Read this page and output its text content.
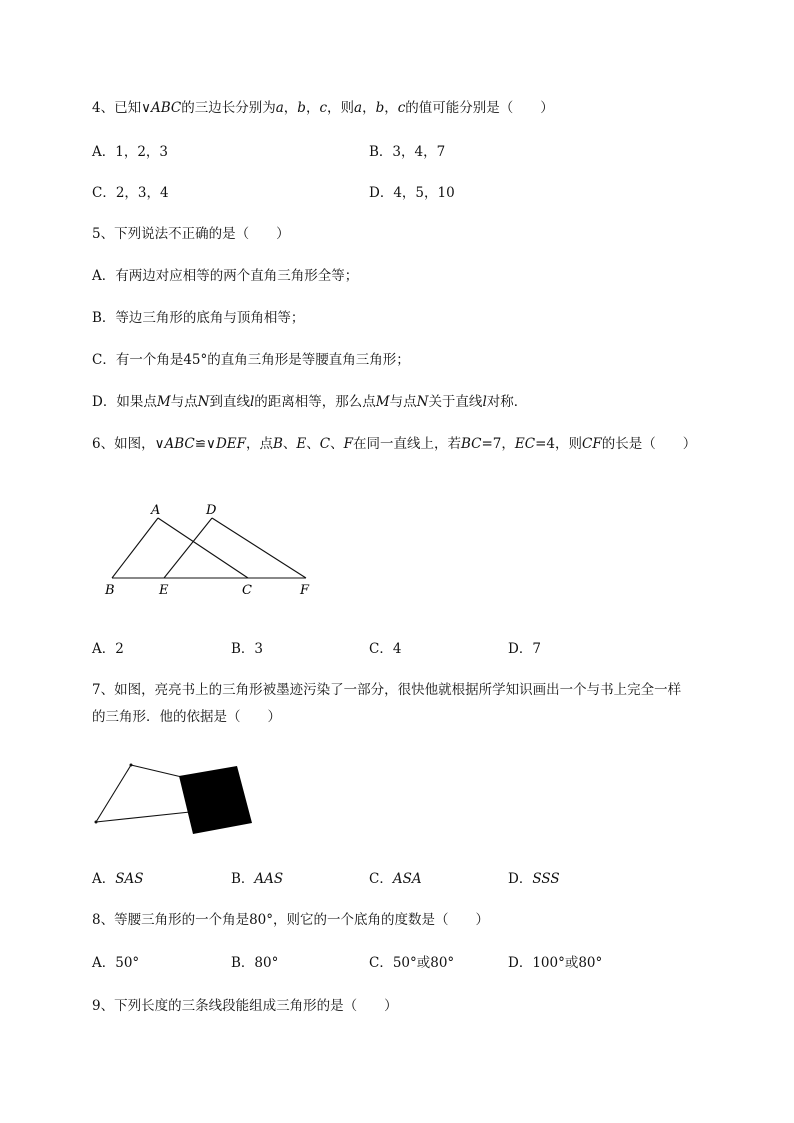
4、已知∨ABC的三边长分别为a，b，c，则a，b，c的值可能分别是（　　）
A．1，2，3	B．3，4，7
C．2，3，4	D．4，5，10
5、下列说法不正确的是（　　）
A．有两边对应相等的两个直角三角形全等；
B．等边三角形的底角与顶角相等；
C．有一个角是45°的直角三角形是等腰直角三角形；
D．如果点M与点N到直线l的距离相等，那么点M与点N关于直线l对称．
6、如图，∨ABC≌∨DEF，点B、E、C、F在同一直线上，若BC=7，EC=4，则CF的长是（　　）
A	D
B	E	C	F
A．2	B．3	C．4	D．7
7、如图，亮亮书上的三角形被墨迹污染了一部分，很快他就根据所学知识画出一个与书上完全一样
的三角形．他的依据是（　　）
A．SAS	B．AAS	C．ASA	D．SSS
8、等腰三角形的一个角是80°，则它的一个底角的度数是（　　）
A．50°	B．80°	C．50°或80°	D．100°或80°
9、下列长度的三条线段能组成三角形的是（　　）
